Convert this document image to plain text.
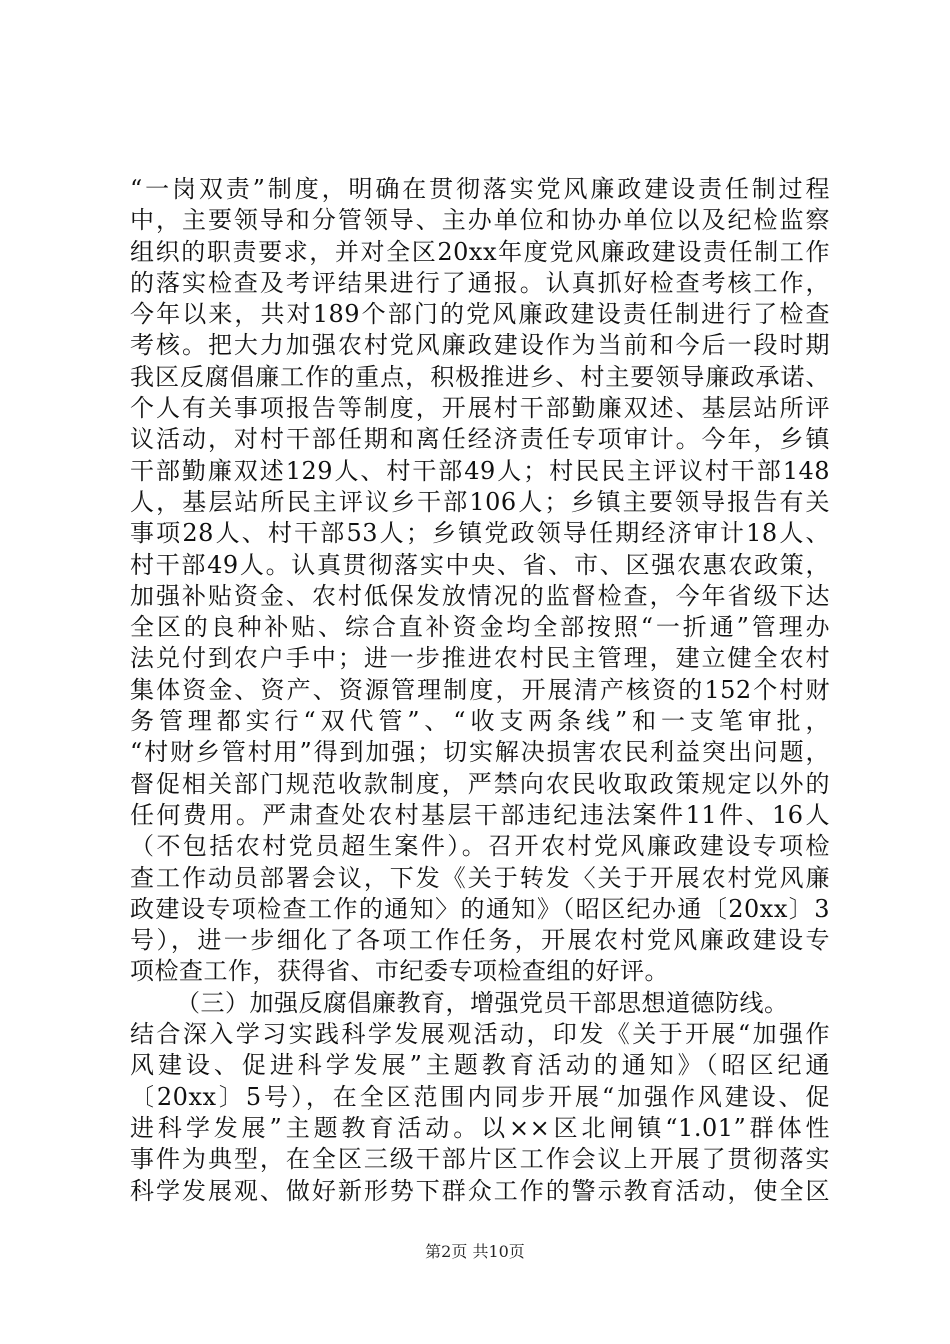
“一岗双责”制度，明确在贯彻落实党风廉政建设责任制过程
中，主要领导和分管领导、主办单位和协办单位以及纪检监察
组织的职责要求，并对全区20xx年度党风廉政建设责任制工作
的落实检查及考评结果进行了通报。认真抓好检查考核工作，
今年以来，共对189个部门的党风廉政建设责任制进行了检查
考核。把大力加强农村党风廉政建设作为当前和今后一段时期
我区反腐倡廉工作的重点，积极推进乡、村主要领导廉政承诺、
个人有关事项报告等制度，开展村干部勤廉双述、基层站所评
议活动，对村干部任期和离任经济责任专项审计。今年，乡镇
干部勤廉双述129人、村干部49人；村民民主评议村干部148
人，基层站所民主评议乡干部106人；乡镇主要领导报告有关
事项28人、村干部53人；乡镇党政领导任期经济审计18人、
村干部49人。认真贯彻落实中央、省、市、区强农惠农政策，
加强补贴资金、农村低保发放情况的监督检查，今年省级下达
全区的良种补贴、综合直补资金均全部按照“一折通”管理办
法兑付到农户手中；进一步推进农村民主管理，建立健全农村
集体资金、资产、资源管理制度，开展清产核资的152个村财
务管理都实行“双代管”、“收支两条线”和一支笔审批，
“村财乡管村用”得到加强；切实解决损害农民利益突出问题，
督促相关部门规范收款制度，严禁向农民收取政策规定以外的
任何费用。严肃查处农村基层干部违纪违法案件11件、16人
（不包括农村党员超生案件）。召开农村党风廉政建设专项检
查工作动员部署会议，下发《关于转发〈关于开展农村党风廉
政建设专项检查工作的通知〉的通知》（昭区纪办通〔20xx〕3
号），进一步细化了各项工作任务，开展农村党风廉政建设专
项检查工作，获得省、市纪委专项检查组的好评。
（三）加强反腐倡廉教育，增强党员干部思想道德防线。
结合深入学习实践科学发展观活动，印发《关于开展“加强作
风建设、促进科学发展”主题教育活动的通知》（昭区纪通
〔20xx〕5号），在全区范围内同步开展“加强作风建设、促
进科学发展”主题教育活动。以××区北闸镇“1.01”群体性
事件为典型，在全区三级干部片区工作会议上开展了贯彻落实
科学发展观、做好新形势下群众工作的警示教育活动，使全区
第2页 共10页
